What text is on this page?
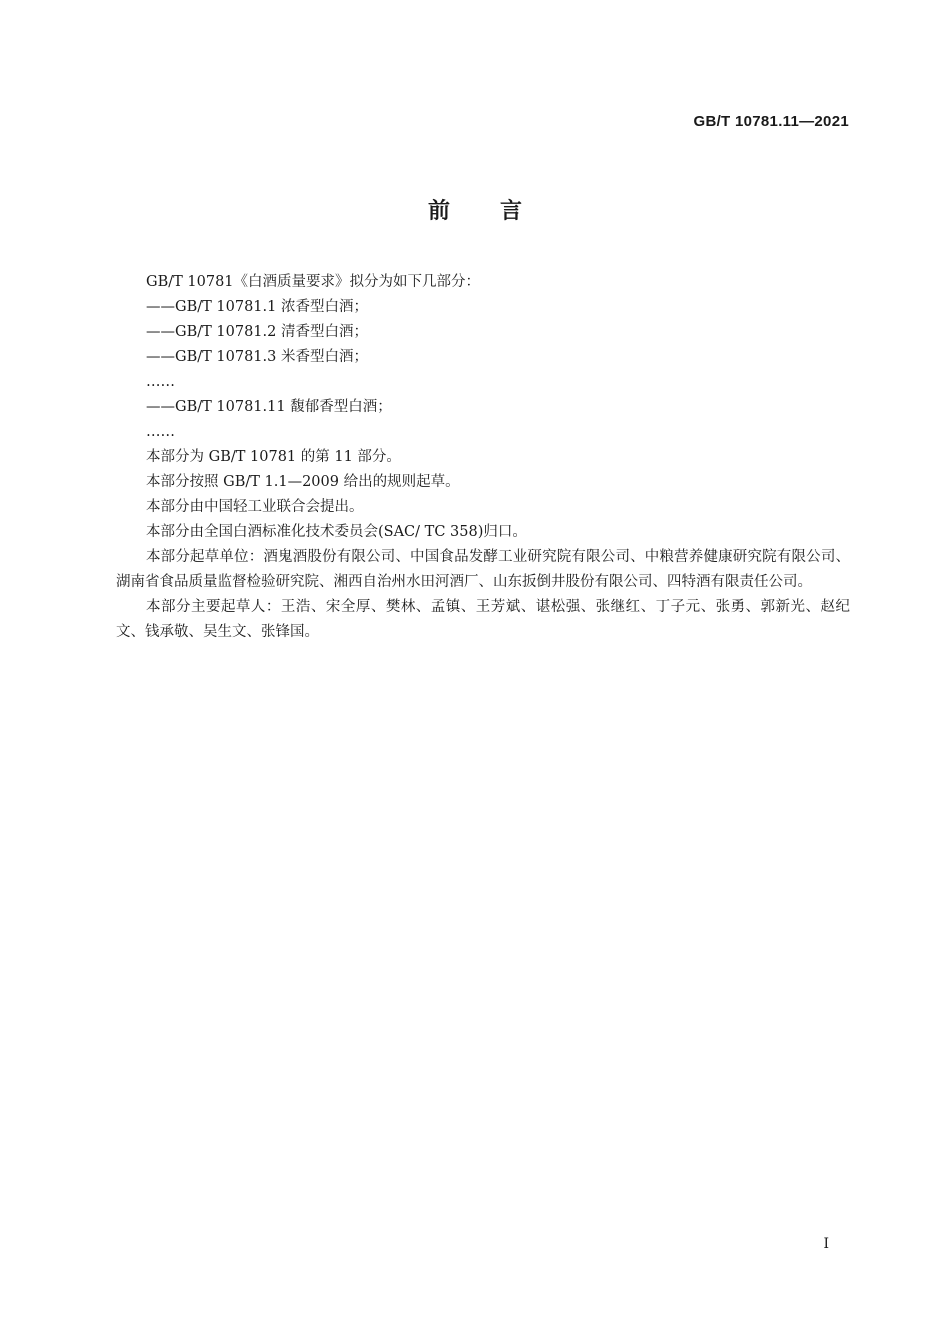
GB/T 10781.11—2021
前言

GB/T 10781《白酒质量要求》拟分为如下几部分：

——GB/T 10781.1 浓香型白酒；

——GB/T 10781.2 清香型白酒；

——GB/T 10781.3 米香型白酒；

……

——GB/T 10781.11 馥郁香型白酒；

……

本部分为 GB/T 10781 的第 11 部分。

本部分按照 GB/T 1.1—2009 给出的规则起草。

本部分由中国轻工业联合会提出。

本部分由全国白酒标准化技术委员会(SAC/ TC 358)归口。

本部分起草单位：酒鬼酒股份有限公司、中国食品发酵工业研究院有限公司、中粮营养健康研究院有限公司、湖南省食品质量监督检验研究院、湘西自治州水田河酒厂、山东扳倒井股份有限公司、四特酒有限责任公司。

本部分主要起草人：王浩、宋全厚、樊林、孟镇、王芳斌、谌松强、张继红、丁子元、张勇、郭新光、赵纪文、钱承敬、吴生文、张锋国。

I
